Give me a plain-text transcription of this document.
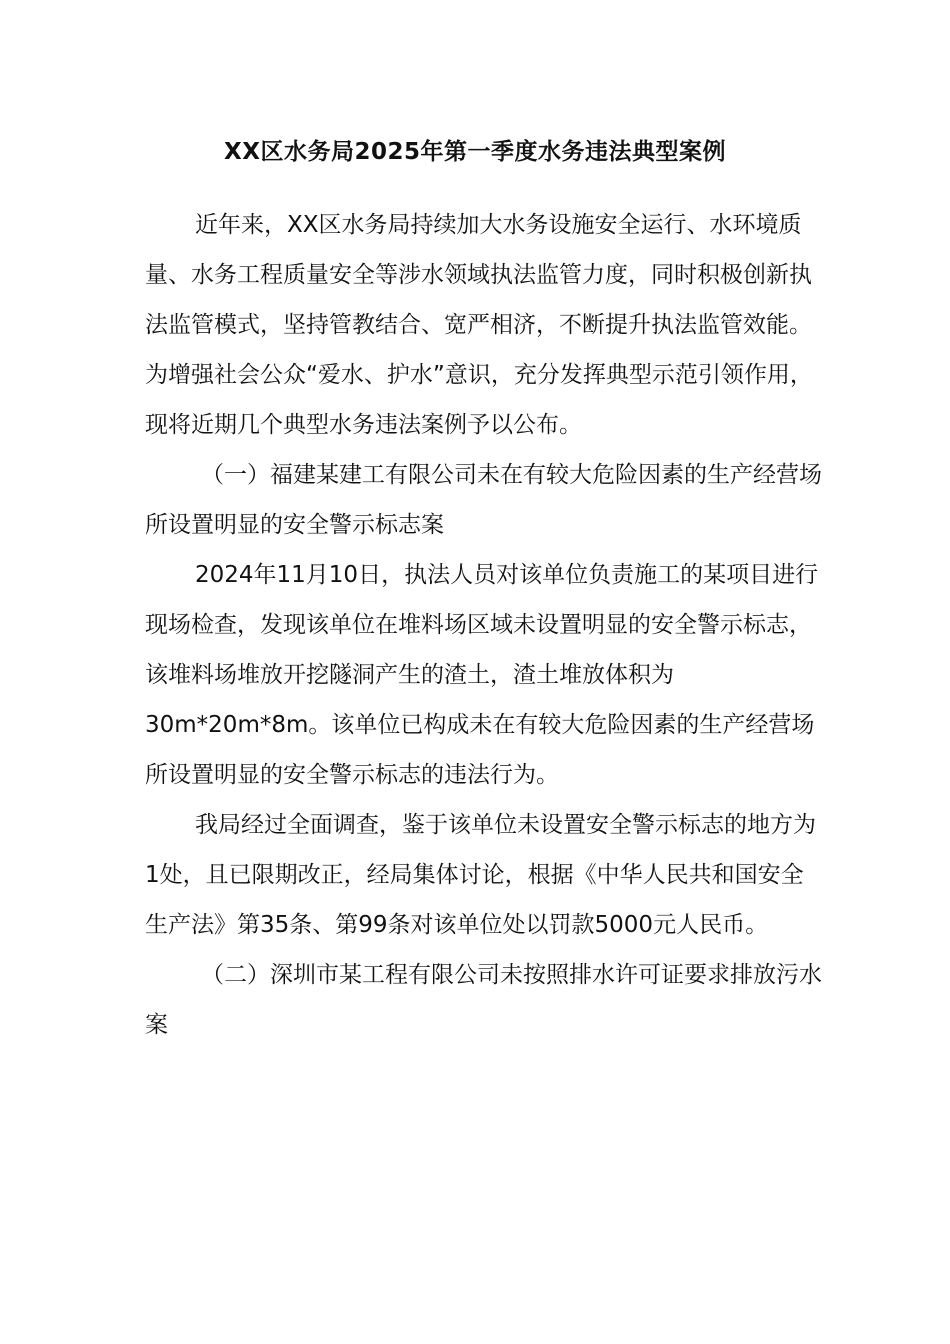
XX区水务局2025年第一季度水务违法典型案例

近年来，XX区水务局持续加大水务设施安全运行、水环境质量、水务工程质量安全等涉水领域执法监管力度，同时积极创新执法监管模式，坚持管教结合、宽严相济，不断提升执法监管效能。为增强社会公众“爱水、护水”意识，充分发挥典型示范引领作用，现将近期几个典型水务违法案例予以公布。

（一）福建某建工有限公司未在有较大危险因素的生产经营场所设置明显的安全警示标志案

2024年11月10日，执法人员对该单位负责施工的某项目进行现场检查，发现该单位在堆料场区域未设置明显的安全警示标志，该堆料场堆放开挖隧洞产生的渣土，渣土堆放体积为30m*20m*8m。该单位已构成未在有较大危险因素的生产经营场所设置明显的安全警示标志的违法行为。

我局经过全面调查，鉴于该单位未设置安全警示标志的地方为1处，且已限期改正，经局集体讨论，根据《中华人民共和国安全生产法》第35条、第99条对该单位处以罚款5000元人民币。

（二）深圳市某工程有限公司未按照排水许可证要求排放污水案
